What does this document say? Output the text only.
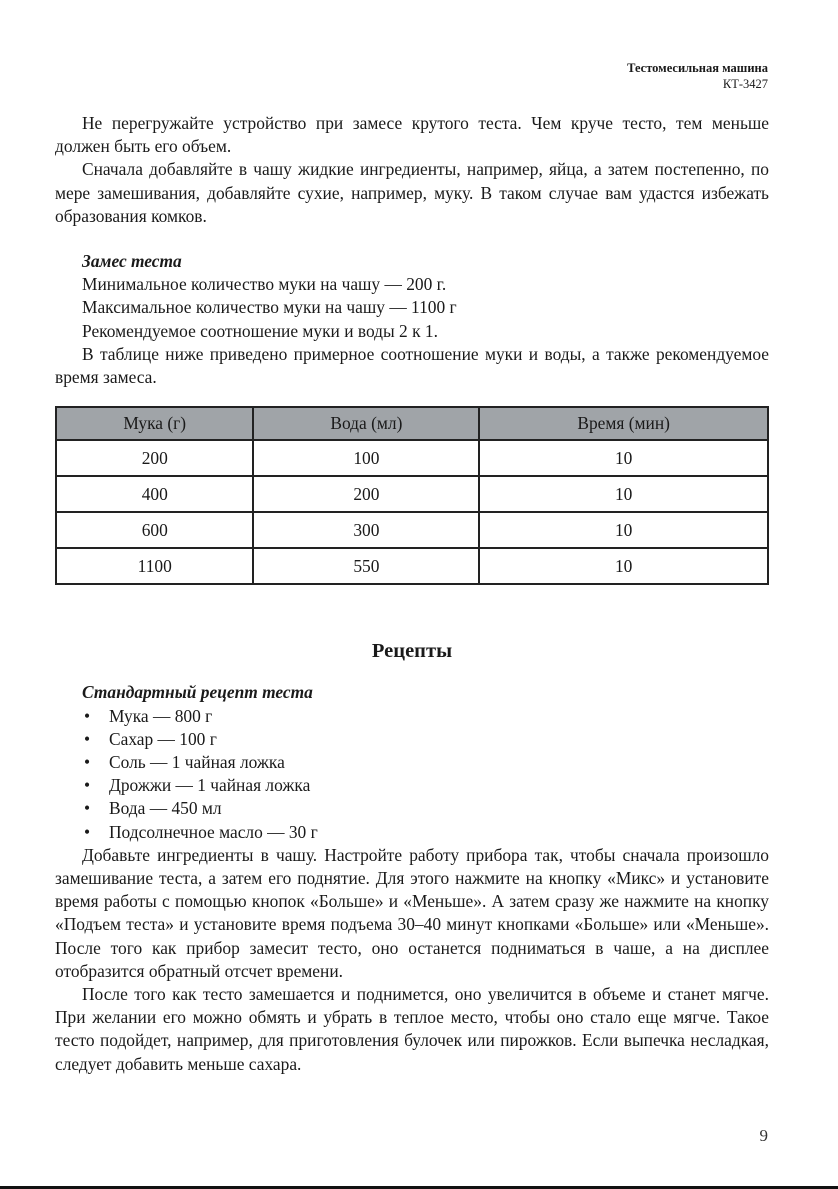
Тестомесильная машина
КТ-3427

Не перегружайте устройство при замесе крутого теста. Чем круче тесто, тем меньше должен быть его объем.

Сначала добавляйте в чашу жидкие ингредиенты, например, яйца, а затем постепенно, по мере замешивания, добавляйте сухие, например, муку. В таком случае вам удастся избежать образования комков.

Замес теста
Минимальное количество муки на чашу — 200 г.
Максимальное количество муки на чашу — 1100 г
Рекомендуемое соотношение муки и воды 2 к 1.

В таблице ниже приведено примерное соотношение муки и воды, а также рекомендуемое время замеса.

Мука (г)	Вода (мл)	Время (мин)
200	100	10
400	200	10
600	300	10
1100	550	10
Рецепты
Стандартный рецепт теста
• Мука — 800 г
• Сахар — 100 г
• Соль — 1 чайная ложка
• Дрожжи — 1 чайная ложка
• Вода — 450 мл
• Подсолнечное масло — 30 г

Добавьте ингредиенты в чашу. Настройте работу прибора так, чтобы сначала произошло замешивание теста, а затем его поднятие. Для этого нажмите на кнопку «Микс» и установите время работы с помощью кнопок «Больше» и «Меньше». А затем сразу же нажмите на кнопку «Подъем теста» и установите время подъема 30–40 минут кнопками «Больше» или «Меньше». После того как прибор замесит тесто, оно останется подниматься в чаше, а на дисплее отобразится обратный отсчет времени.

После того как тесто замешается и поднимется, оно увеличится в объеме и станет мягче. При желании его можно обмять и убрать в теплое место, чтобы оно стало еще мягче. Такое тесто подойдет, например, для приготовления булочек или пирожков. Если выпечка несладкая, следует добавить меньше сахара.

9
